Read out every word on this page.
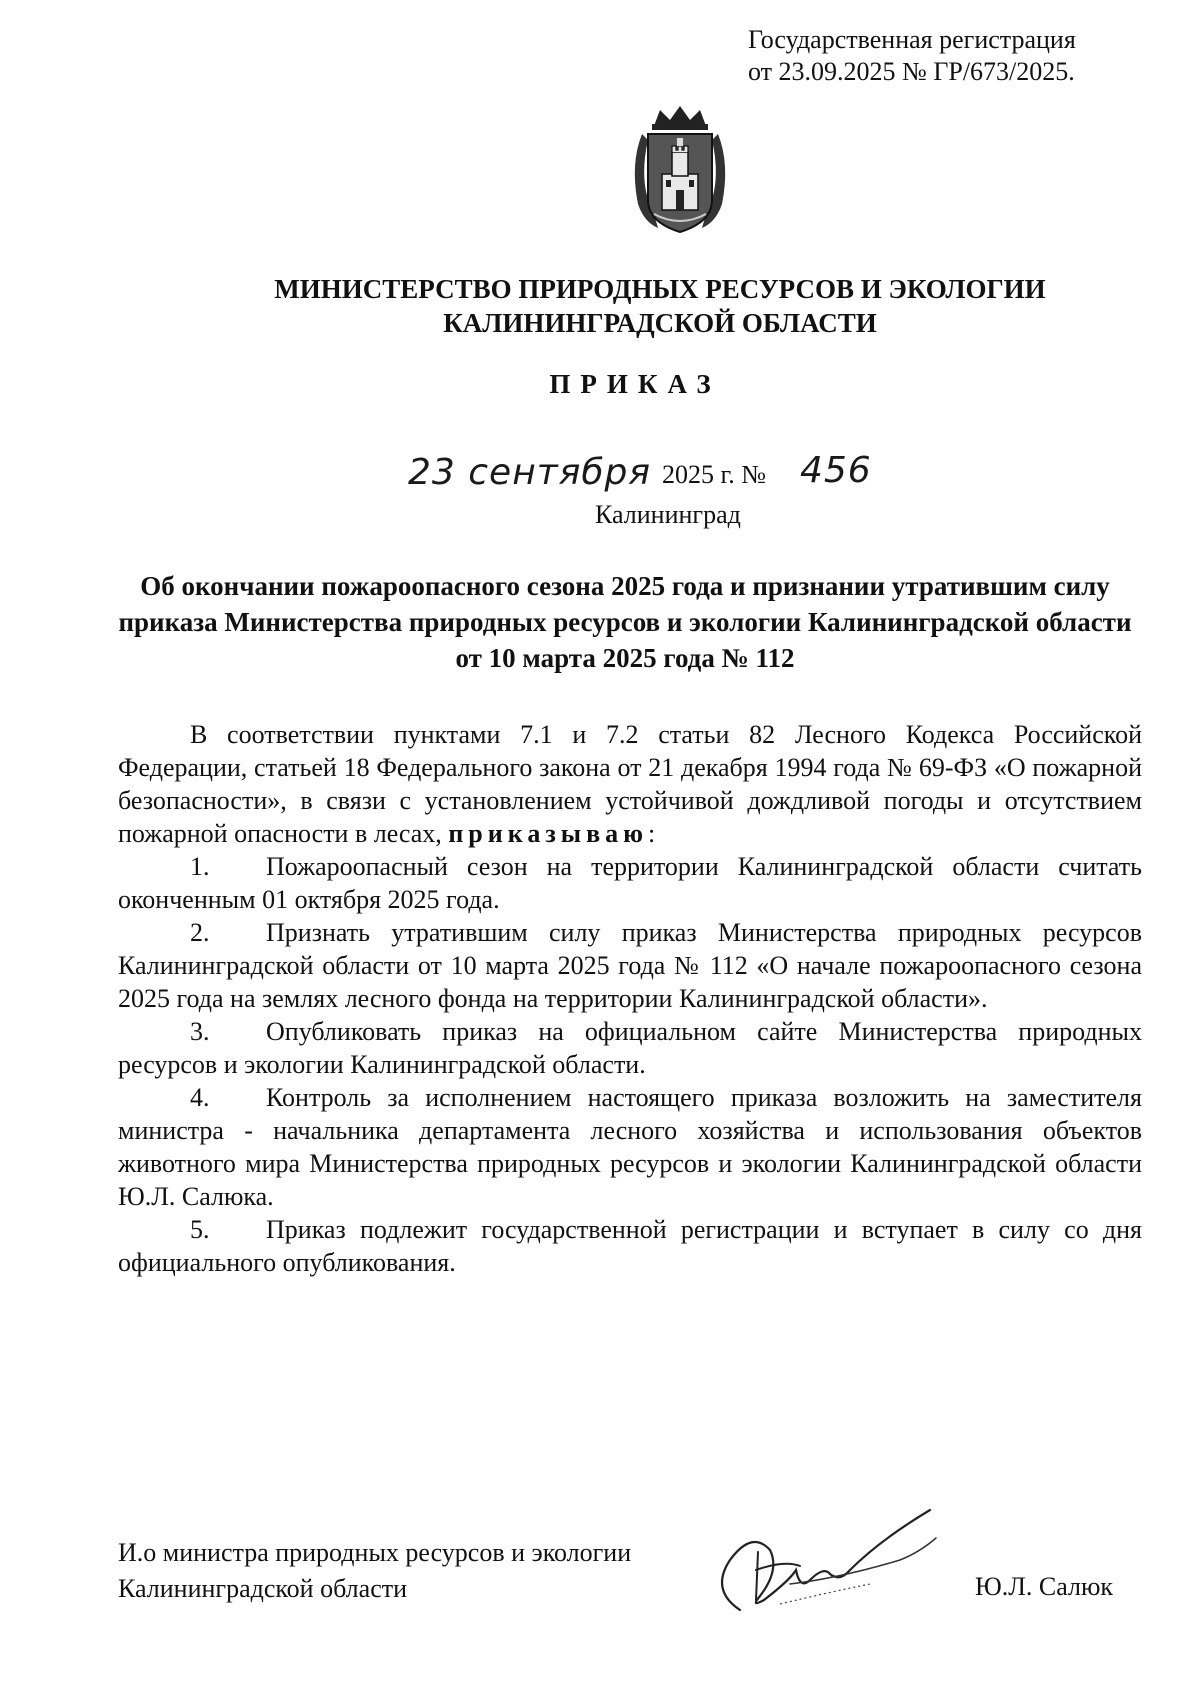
Государственная регистрация
от 23.09.2025 № ГР/673/2025.
МИНИСТЕРСТВО ПРИРОДНЫХ РЕСУРСОВ И ЭКОЛОГИИ
КАЛИНИНГРАДСКОЙ ОБЛАСТИ
ПРИКАЗ
23 сентября 2025 г. № 456
Калининград
Об окончании пожароопасного сезона 2025 года и признании утратившим силу приказа Министерства природных ресурсов и экологии Калининградской области от 10 марта 2025 года № 112

В соответствии пунктами 7.1 и 7.2 статьи 82 Лесного Кодекса Российской Федерации, статьей 18 Федерального закона от 21 декабря 1994 года № 69-ФЗ «О пожарной безопасности», в связи с установлением устойчивой дождливой погоды и отсутствием пожарной опасности в лесах, приказываю:

1. Пожароопасный сезон на территории Калининградской области считать оконченным 01 октября 2025 года.

2. Признать утратившим силу приказ Министерства природных ресурсов Калининградской области от 10 марта 2025 года № 112 «О начале пожароопасного сезона 2025 года на землях лесного фонда на территории Калининградской области».

3. Опубликовать приказ на официальном сайте Министерства природных ресурсов и экологии Калининградской области.

4. Контроль за исполнением настоящего приказа возложить на заместителя министра - начальника департамента лесного хозяйства и использования объектов животного мира Министерства природных ресурсов и экологии Калининградской области Ю.Л. Салюка.

5. Приказ подлежит государственной регистрации и вступает в силу со дня официального опубликования.

И.о министра природных ресурсов и экологии
Калининградской области	Ю.Л. Салюк
